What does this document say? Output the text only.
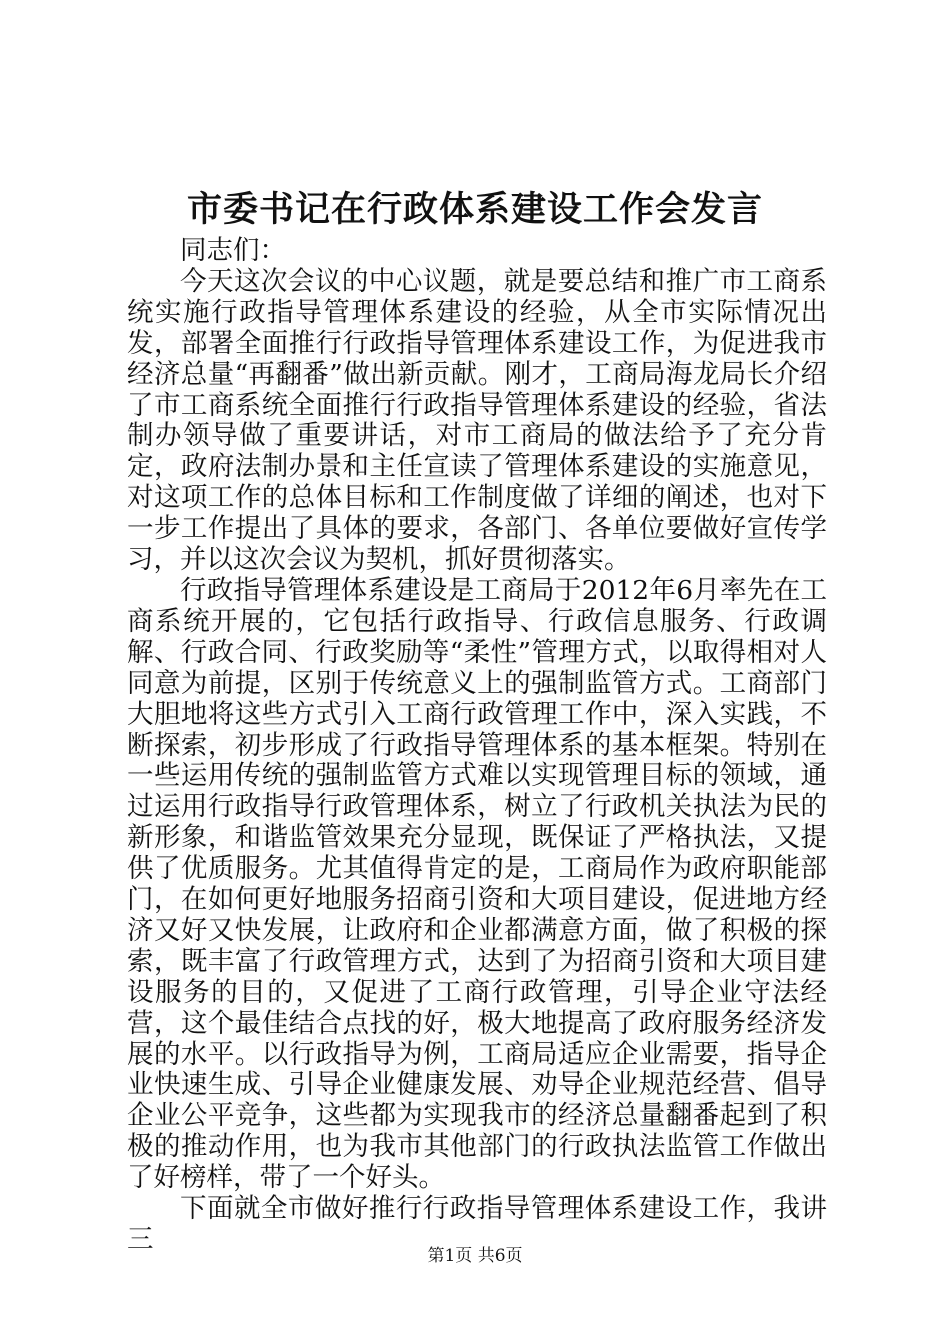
市委书记在行政体系建设工作会发言

同志们：

今天这次会议的中心议题，就是要总结和推广市工商系统实施行政指导管理体系建设的经验，从全市实际情况出发，部署全面推行行政指导管理体系建设工作，为促进我市经济总量“再翻番”做出新贡献。刚才，工商局海龙局长介绍了市工商系统全面推行行政指导管理体系建设的经验，省法制办领导做了重要讲话，对市工商局的做法给予了充分肯定，政府法制办景和主任宣读了管理体系建设的实施意见，对这项工作的总体目标和工作制度做了详细的阐述，也对下一步工作提出了具体的要求，各部门、各单位要做好宣传学习，并以这次会议为契机，抓好贯彻落实。

行政指导管理体系建设是工商局于2012年6月率先在工商系统开展的，它包括行政指导、行政信息服务、行政调解、行政合同、行政奖励等“柔性”管理方式，以取得相对人同意为前提，区别于传统意义上的强制监管方式。工商部门大胆地将这些方式引入工商行政管理工作中，深入实践，不断探索，初步形成了行政指导管理体系的基本框架。特别在一些运用传统的强制监管方式难以实现管理目标的领域，通过运用行政指导行政管理体系，树立了行政机关执法为民的新形象，和谐监管效果充分显现，既保证了严格执法，又提供了优质服务。尤其值得肯定的是，工商局作为政府职能部门，在如何更好地服务招商引资和大项目建设，促进地方经济又好又快发展，让政府和企业都满意方面，做了积极的探索，既丰富了行政管理方式，达到了为招商引资和大项目建设服务的目的，又促进了工商行政管理，引导企业守法经营，这个最佳结合点找的好，极大地提高了政府服务经济发展的水平。以行政指导为例，工商局适应企业需要，指导企业快速生成、引导企业健康发展、劝导企业规范经营、倡导企业公平竞争，这些都为实现我市的经济总量翻番起到了积极的推动作用，也为我市其他部门的行政执法监管工作做出了好榜样，带了一个好头。

下面就全市做好推行行政指导管理体系建设工作，我讲三

第1页 共6页
